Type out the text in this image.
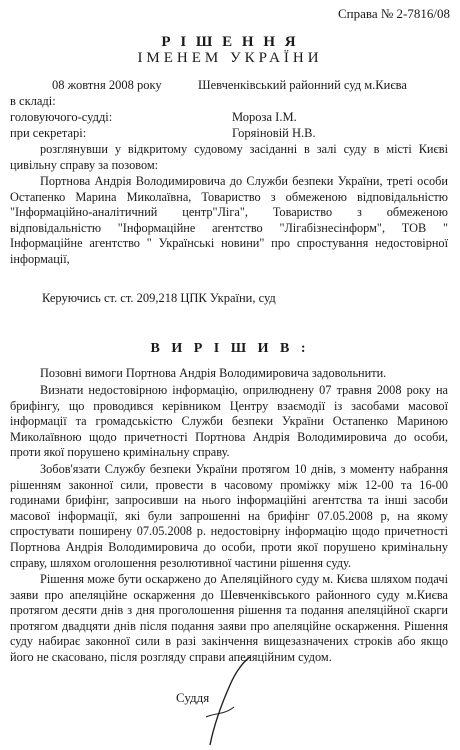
Справа № 2-7816/08
Р І Ш Е Н Н Я
ІМЕНЕМ УКРАЇНИ
08 жовтня 2008 року	Шевченківський районний суд м.Києва
в складі:
головуючого-судді:	Мороза І.М.
при секретарі:	Горяіновій Н.В.
розглянувши у відкритому судовому засіданні в залі суду в місті Києві цивільну справу за позовом:
Портнова Андрія Володимировича до Служби безпеки України, треті особи Остапенко Марина Миколаївна, Товариство з обмеженою відповідальністю "Інформаційно-аналітичний центр"Ліга", Товариство з обмеженою відповідальністю "Інформаційне агентство "Лігабізнесінформ", ТОВ " Інформаційне агентство " Українські новини" про спростування недостовірної інформації,
Керуючись ст. ст. 209,218 ЦПК України, суд
В И Р І Ш И В :
Позовні вимоги Портнова Андрія Володимировича задовольнити.
Визнати недостовірною інформацію, оприлюднену 07 травня 2008 року на брифінгу, що проводився керівником Центру взаємодії із засобами масової інформації та громадськістю Служби безпеки України Остапенко Мариною Миколаївною щодо причетності Портнова Андрія Володимировича до особи, проти якої порушено кримінальну справу.
Зобов'язати Службу безпеки України протягом 10 днів, з моменту набрання рішенням законної сили, провести в часовому проміжку між 12-00 та 16-00 годинами брифінг, запросивши на нього інформаційні агентства та інші засоби масової інформації, які були запрошенні на брифінг 07.05.2008 р, на якому спростувати поширену 07.05.2008 р. недостовірну інформацію щодо причетності Портнова Андрія Володимировича до особи, проти якої порушено кримінальну справу, шляхом оголошення резолютивної частини рішення суду.
Рішення може бути оскаржено до Апеляційного суду м. Києва шляхом подачі заяви про апеляційне оскарження до Шевченківського районного суду м.Києва протягом десяти днів з дня проголошення рішення та подання апеляційної скарги протягом двадцяти днів після подання заяви про апеляційне оскарження. Рішення суду набирає законної сили в разі закінчення вищезазначених строків або якщо його не скасовано, після розгляду справи апеляційним судом.
Суддя
